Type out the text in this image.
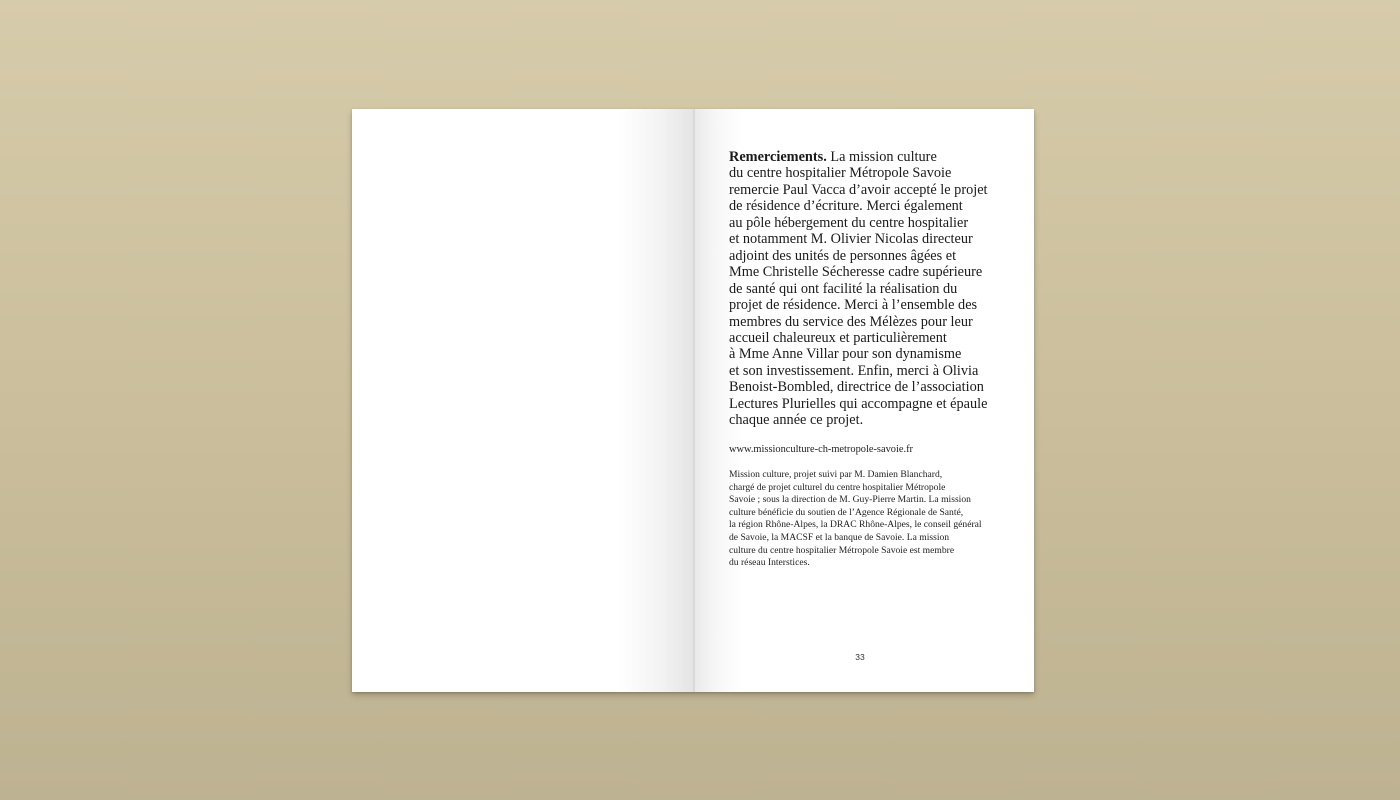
Remerciements. La mission culture
du centre hospitalier Métropole Savoie
remercie Paul Vacca d’avoir accepté le projet
de résidence d’écriture. Merci également
au pôle hébergement du centre hospitalier
et notamment M. Olivier Nicolas directeur
adjoint des unités de personnes âgées et
Mme Christelle Sécheresse cadre supérieure
de santé qui ont facilité la réalisation du
projet de résidence. Merci à l’ensemble des
membres du service des Mélèzes pour leur
accueil chaleureux et particulièrement
à Mme Anne Villar pour son dynamisme
et son investissement. Enfin, merci à Olivia
Benoist-Bombled, directrice de l’association
Lectures Plurielles qui accompagne et épaule
chaque année ce projet.

www.missionculture-ch-metropole-savoie.fr

Mission culture, projet suivi par M. Damien Blanchard,
chargé de projet culturel du centre hospitalier Métropole
Savoie ; sous la direction de M. Guy-Pierre Martin. La mission
culture bénéficie du soutien de l’Agence Régionale de Santé,
la région Rhône-Alpes, la DRAC Rhône-Alpes, le conseil général
de Savoie, la MACSF et la banque de Savoie. La mission
culture du centre hospitalier Métropole Savoie est membre
du réseau Interstices.

33
